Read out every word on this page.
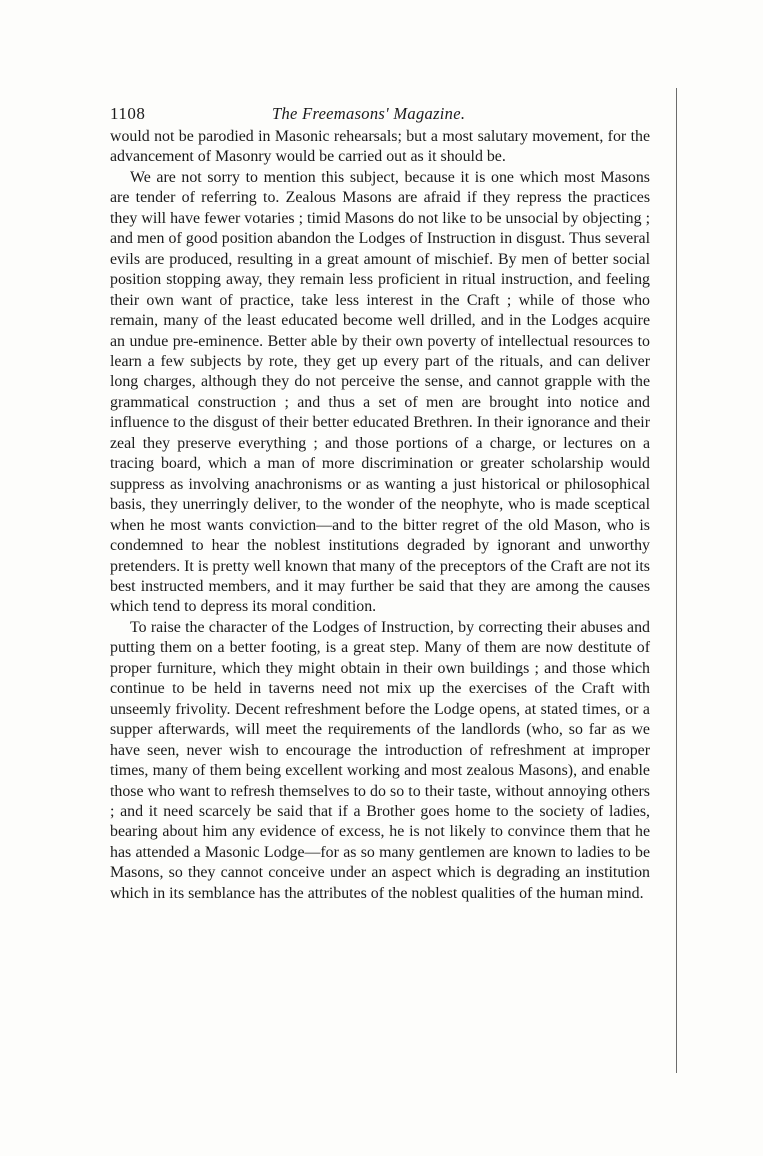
1108	The Freemasons' Magazine.

would not be parodied in Masonic rehearsals; but a most salutary movement, for the advancement of Masonry would be carried out as it should be.

We are not sorry to mention this subject, because it is one which most Masons are tender of referring to. Zealous Masons are afraid if they repress the practices they will have fewer votaries ; timid Masons do not like to be unsocial by objecting ; and men of good position abandon the Lodges of Instruction in disgust. Thus several evils are produced, resulting in a great amount of mischief. By men of better social position stopping away, they remain less proficient in ritual instruction, and feeling their own want of practice, take less interest in the Craft ; while of those who remain, many of the least educated become well drilled, and in the Lodges acquire an undue pre-eminence. Better able by their own poverty of intellectual resources to learn a few subjects by rote, they get up every part of the rituals, and can deliver long charges, although they do not perceive the sense, and cannot grapple with the grammatical construction ; and thus a set of men are brought into notice and influence to the disgust of their better educated Brethren. In their ignorance and their zeal they preserve everything ; and those portions of a charge, or lectures on a tracing board, which a man of more discrimination or greater scholarship would suppress as involving anachronisms or as wanting a just historical or philosophical basis, they unerringly deliver, to the wonder of the neophyte, who is made sceptical when he most wants conviction—and to the bitter regret of the old Mason, who is condemned to hear the noblest institutions degraded by ignorant and unworthy pretenders. It is pretty well known that many of the preceptors of the Craft are not its best instructed members, and it may further be said that they are among the causes which tend to depress its moral condition.

To raise the character of the Lodges of Instruction, by correcting their abuses and putting them on a better footing, is a great step. Many of them are now destitute of proper furniture, which they might obtain in their own buildings ; and those which continue to be held in taverns need not mix up the exercises of the Craft with unseemly frivolity. Decent refreshment before the Lodge opens, at stated times, or a supper afterwards, will meet the requirements of the landlords (who, so far as we have seen, never wish to encourage the introduction of refreshment at improper times, many of them being excellent working and most zealous Masons), and enable those who want to refresh themselves to do so to their taste, without annoying others ; and it need scarcely be said that if a Brother goes home to the society of ladies, bearing about him any evidence of excess, he is not likely to convince them that he has attended a Masonic Lodge—for as so many gentlemen are known to ladies to be Masons, so they cannot conceive under an aspect which is degrading an institution which in its semblance has the attributes of the noblest qualities of the human mind.
